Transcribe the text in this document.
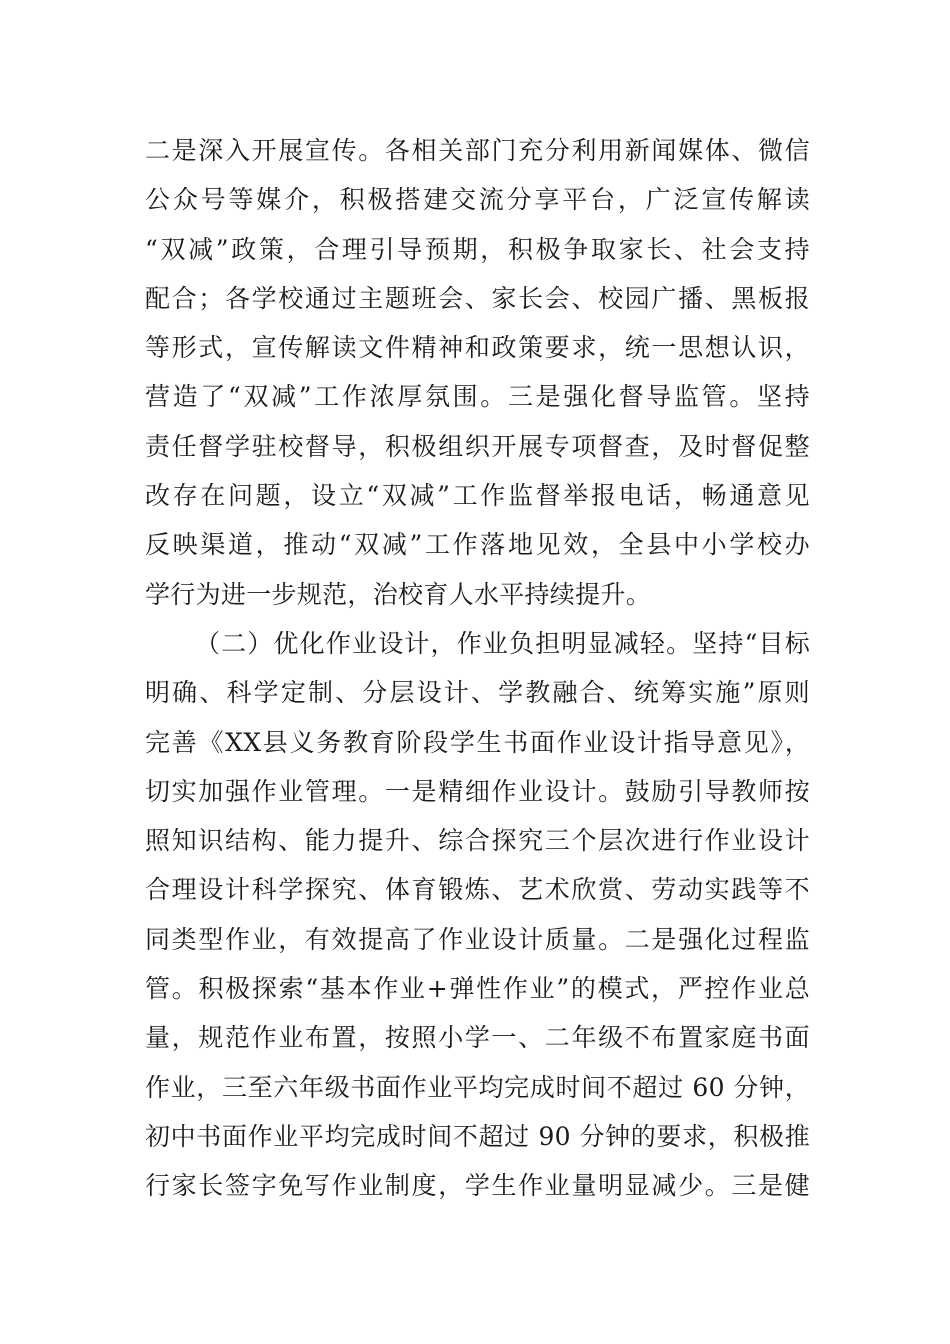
二是深入开展宣传。各相关部门充分利用新闻媒体、微信
公众号等媒介，积极搭建交流分享平台，广泛宣传解读
“双减”政策，合理引导预期，积极争取家长、社会支持
配合；各学校通过主题班会、家长会、校园广播、黑板报
等形式，宣传解读文件精神和政策要求，统一思想认识，
营造了“双减”工作浓厚氛围。三是强化督导监管。坚持
责任督学驻校督导，积极组织开展专项督查，及时督促整
改存在问题，设立“双减”工作监督举报电话，畅通意见
反映渠道，推动“双减”工作落地见效，全县中小学校办
学行为进一步规范，治校育人水平持续提升。
（二）优化作业设计，作业负担明显减轻。坚持“目标
明确、科学定制、分层设计、学教融合、统筹实施”原则
完善《XX县义务教育阶段学生书面作业设计指导意见》，
切实加强作业管理。一是精细作业设计。鼓励引导教师按
照知识结构、能力提升、综合探究三个层次进行作业设计
合理设计科学探究、体育锻炼、艺术欣赏、劳动实践等不
同类型作业，有效提高了作业设计质量。二是强化过程监
管。积极探索“基本作业+弹性作业”的模式，严控作业总
量，规范作业布置，按照小学一、二年级不布置家庭书面
作业，三至六年级书面作业平均完成时间不超过 60 分钟，
初中书面作业平均完成时间不超过 90 分钟的要求，积极推
行家长签字免写作业制度，学生作业量明显减少。三是健
